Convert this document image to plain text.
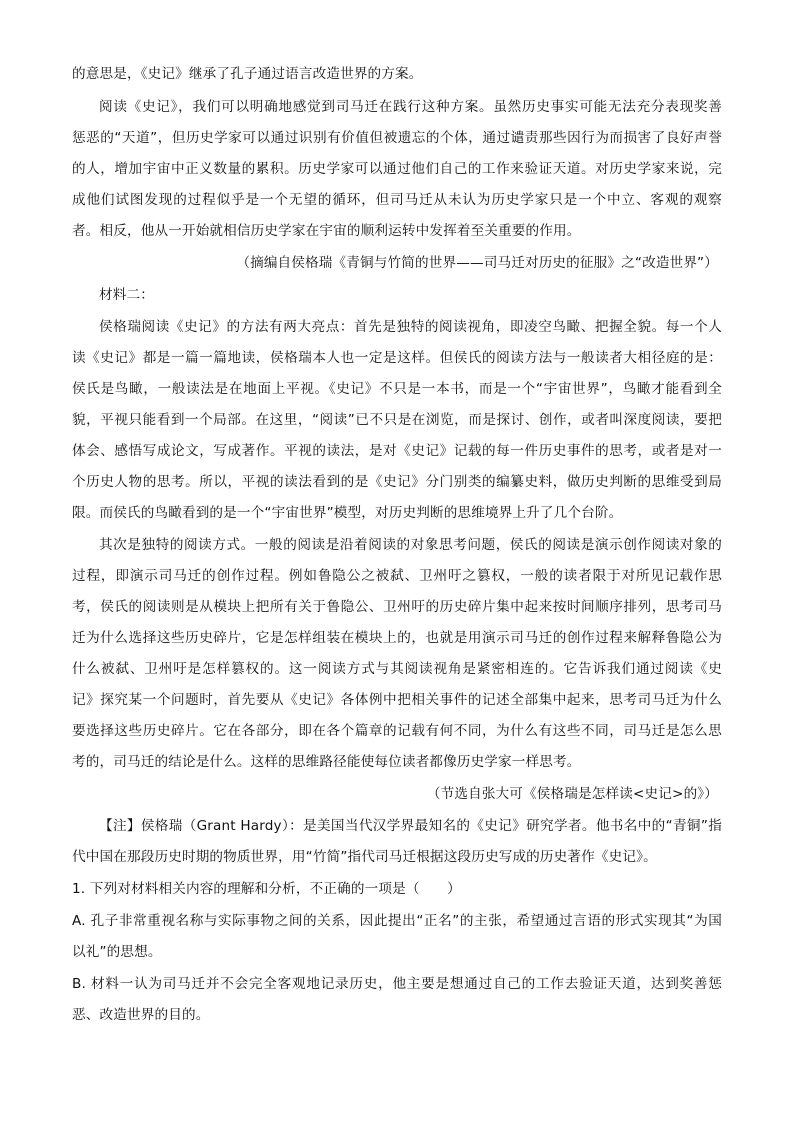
的意思是，《史记》继承了孔子通过语言改造世界的方案。
阅读《史记》，我们可以明确地感觉到司马迁在践行这种方案。虽然历史事实可能无法充分表现奖善
惩恶的“天道”，但历史学家可以通过识别有价值但被遗忘的个体，通过谴责那些因行为而损害了良好声誉
的人，增加宇宙中正义数量的累积。历史学家可以通过他们自己的工作来验证天道。对历史学家来说，完
成他们试图发现的过程似乎是一个无望的循环，但司马迁从未认为历史学家只是一个中立、客观的观察
者。相反，他从一开始就相信历史学家在宇宙的顺利运转中发挥着至关重要的作用。
（摘编自侯格瑞《青铜与竹简的世界——司马迁对历史的征服》之“改造世界”）
材料二：
侯格瑞阅读《史记》的方法有两大亮点：首先是独特的阅读视角，即凌空鸟瞰、把握全貌。每一个人
读《史记》都是一篇一篇地读，侯格瑞本人也一定是这样。但侯氏的阅读方法与一般读者大相径庭的是：
侯氏是鸟瞰，一般读法是在地面上平视。《史记》不只是一本书，而是一个“宇宙世界”，鸟瞰才能看到全
貌，平视只能看到一个局部。在这里，“阅读”已不只是在浏览，而是探讨、创作，或者叫深度阅读，要把
体会、感悟写成论文，写成著作。平视的读法，是对《史记》记载的每一件历史事件的思考，或者是对一
个历史人物的思考。所以，平视的读法看到的是《史记》分门别类的编纂史料，做历史判断的思维受到局
限。而侯氏的鸟瞰看到的是一个“宇宙世界”模型，对历史判断的思维境界上升了几个台阶。
其次是独特的阅读方式。一般的阅读是沿着阅读的对象思考问题，侯氏的阅读是演示创作阅读对象的
过程，即演示司马迁的创作过程。例如鲁隐公之被弑、卫州吁之篡权，一般的读者限于对所见记载作思
考，侯氏的阅读则是从模块上把所有关于鲁隐公、卫州吁的历史碎片集中起来按时间顺序排列，思考司马
迁为什么选择这些历史碎片，它是怎样组装在模块上的，也就是用演示司马迁的创作过程来解释鲁隐公为
什么被弑、卫州吁是怎样篡权的。这一阅读方式与其阅读视角是紧密相连的。它告诉我们通过阅读《史
记》探究某一个问题时，首先要从《史记》各体例中把相关事件的记述全部集中起来，思考司马迁为什么
要选择这些历史碎片。它在各部分，即在各个篇章的记载有何不同，为什么有这些不同，司马迁是怎么思
考的，司马迁的结论是什么。这样的思维路径能使每位读者都像历史学家一样思考。
（节选自张大可《侯格瑞是怎样读<史记>的》）
【注】侯格瑞（Grant Hardy）：是美国当代汉学界最知名的《史记》研究学者。他书名中的“青铜”指
代中国在那段历史时期的物质世界，用“竹简”指代司马迁根据这段历史写成的历史著作《史记》。
1. 下列对材料相关内容的理解和分析，不正确的一项是（　　）
A. 孔子非常重视名称与实际事物之间的关系，因此提出“正名”的主张，希望通过言语的形式实现其“为国
以礼”的思想。
B. 材料一认为司马迁并不会完全客观地记录历史，他主要是想通过自己的工作去验证天道，达到奖善惩
恶、改造世界的目的。
